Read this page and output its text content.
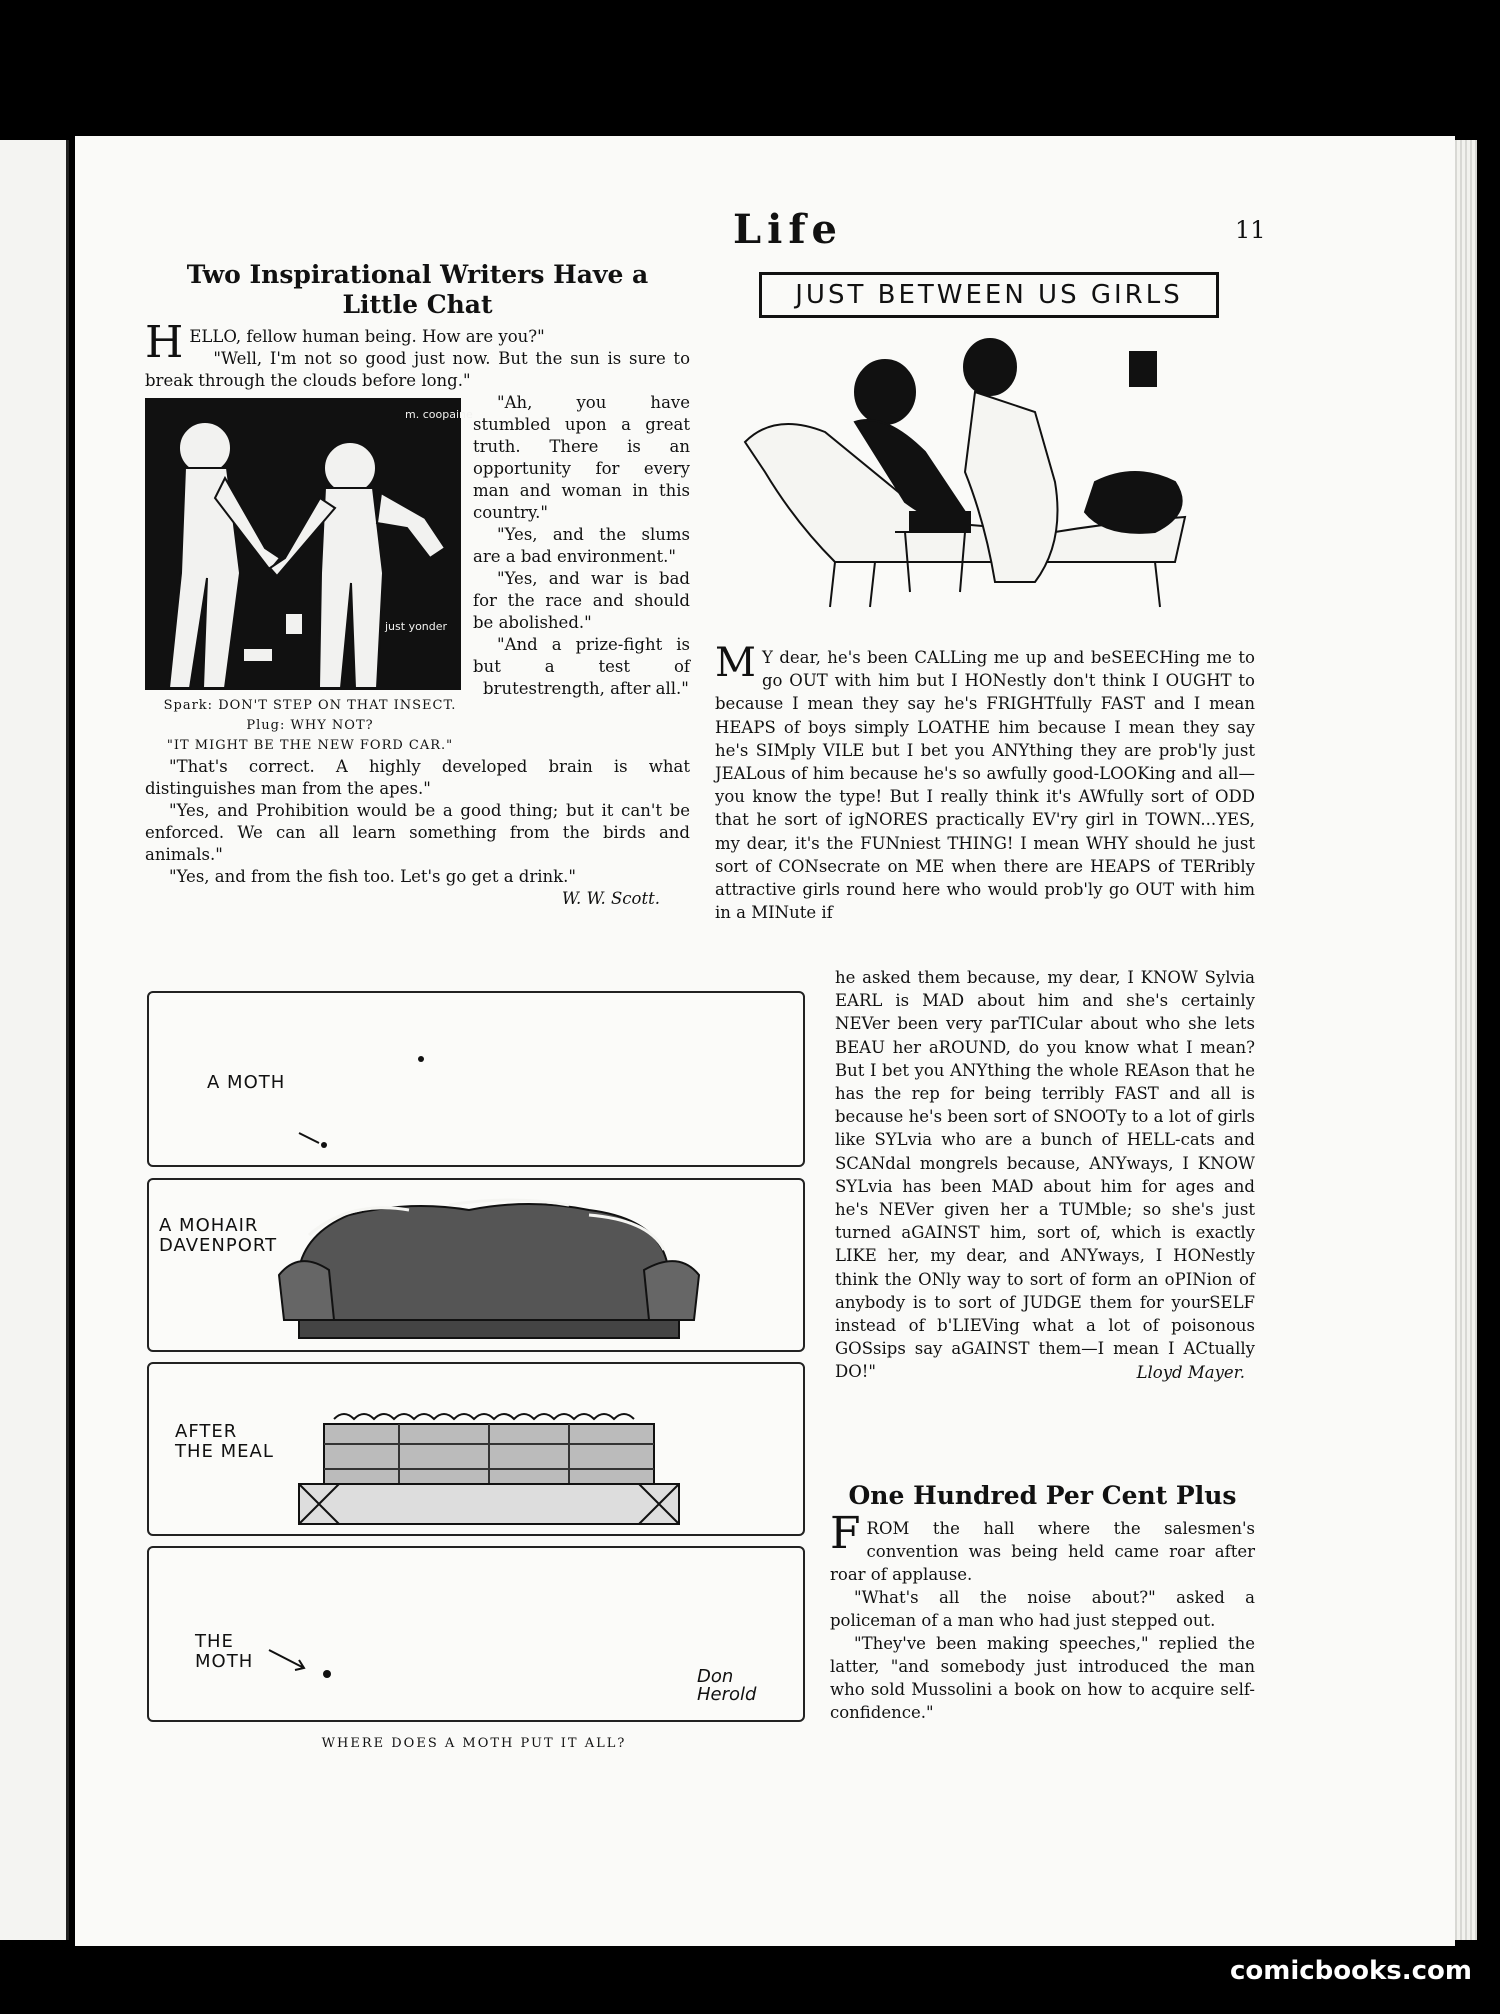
Life	11
Two Inspirational Writers Have a Little Chat

HELLO, fellow human being. How are you?"

"Well, I'm not so good just now. But the sun is sure to break through the clouds before long."

m. coopaine
just yonder

"Ah, you have stumbled upon a great truth. There is an opportunity for every man and woman in this country."

"Yes, and the slums are a bad environment."

"Yes, and war is bad for the race and should be abolished."

Spark: DON'T STEP ON THAT INSECT.
Plug: WHY NOT?
"IT MIGHT BE THE NEW FORD CAR."

"And a prize-fight is but a test of brutestrength, after all."

"That's correct. A highly developed brain is what distinguishes man from the apes."

"Yes, and Prohibition would be a good thing; but it can't be enforced. We can all learn something from the birds and animals."

"Yes, and from the fish too. Let's go get a drink."

W. W. Scott.
JUST BETWEEN US GIRLS

M Y dear, he's been CALLing me up and beSEECHing me to go OUT with him but I HONestly don't think I OUGHT to because I mean they say he's FRIGHTfully FAST and I mean HEAPS of boys simply LOATHE him because I mean they say he's SIMply VILE but I bet you ANYthing they are prob'ly just JEALous of him because he's so awfully good-LOOKing and all—you know the type! But I really think it's AWfully sort of ODD that he sort of igNORES practically EV'ry girl in TOWN...YES, my dear, it's the FUNniest THING! I mean WHY should he just sort of CONsecrate on ME when there are HEAPS of TERribly attractive girls round here who would prob'ly go OUT with him in a MINute if

he asked them because, my dear, I KNOW Sylvia EARL is MAD about him and she's certainly NEVer been very parTICular about who she lets BEAU her aROUND, do you know what I mean? But I bet you ANYthing the whole REAson that he has the rep for being terribly FAST and all is because he's been sort of SNOOTy to a lot of girls like SYLvia who are a bunch of HELL-cats and SCANdal mongrels because, ANYways, I KNOW SYLvia has been MAD about him for ages and he's NEVer given her a TUMble; so she's just turned aGAINST him, sort of, which is exactly LIKE her, my dear, and ANYways, I HONestly think the ONly way to sort of form an oPINion of anybody is to sort of JUDGE them for yourSELF instead of b'LIEVing what a lot of poisonous GOSsips say aGAINST them—I mean I ACtually DO!"	Lloyd Mayer.
One Hundred Per Cent Plus

FROM the hall where the salesmen's convention was being held came roar after roar of applause.

"What's all the noise about?" asked a policeman of a man who had just stepped out.

"They've been making speeches," replied the latter, "and somebody just introduced the man who sold Mussolini a book on how to acquire self-confidence."

A MOTH
A MOHAIR DAVENPORT
AFTER THE MEAL
THE MOTH
Don Herold
WHERE DOES A MOTH PUT IT ALL?
comicbooks.com
